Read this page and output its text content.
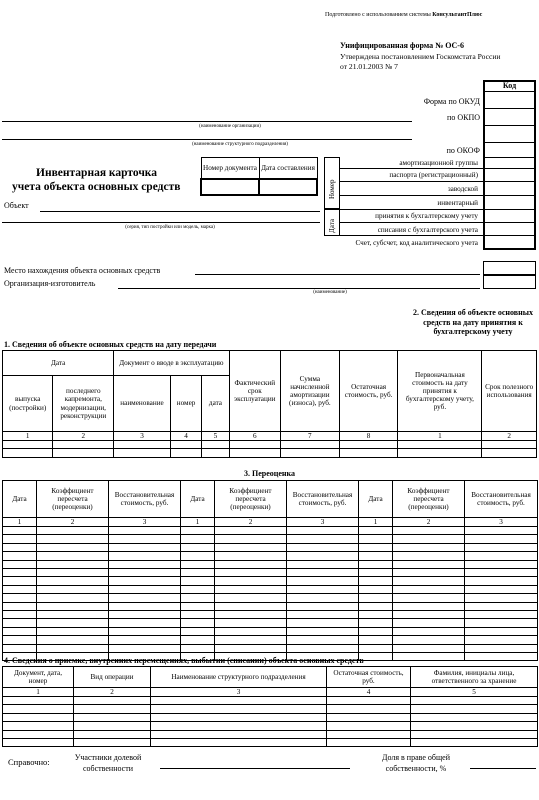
Подготовлено с использованием системы КонсультантПлюс
Унифицированная форма № ОС-6
Утверждена постановлением Госкомстата России
от 21.01.2003 № 7
Код
Форма по ОКУД
по ОКПО
по ОКОФ
(наименование организации)
(наименование структурного подразделения)
Инвентарная карточка
учета объекта основных средств
Номер документа	Дата составления

Номер
Дата
амортизационной группы
паспорта (регистрационный)
заводской
инвентарный
принятия к бухгалтерскому учету
списания с бухгалтерского учета
Счет, субсчет, код аналитического учета
Объект
(серия, тип постройки или модель, марка)
Место нахождения объекта основных средств
Организация-изготовитель
(наименование)
2. Сведения об объекте основных средств на дату принятия к бухгалтерскому учету
1. Сведения об объекте основных средств на дату передачи
Дата		Документ о вводе в эксплуатацию			Фактический срок эксплуатации	Сумма начисленной амортизации (износа), руб.	Остаточная стоимость, руб.	Первоначальная стоимость на дату принятия к бухгалтерскому учету, руб.	Срок полезного использования
выпуска (постройки)	последнего капремонта, модернизации, реконструкции	наименование	номер	дата					
1	2	3	4	5	6	7	8	1	2

3. Переоценка
Дата	Коэффициент пересчета (переоценки)	Восстановительная стоимость, руб.	Дата	Коэффициент пересчета (переоценки)	Восстановительная стоимость, руб.	Дата	Коэффициент пересчета (переоценки)	Восстановительная стоимость, руб.
1	2	3	1	2	3	1	2	3

4. Сведения о приемке, внутренних перемещениях, выбытии (списании) объекта основных средств
Документ, дата, номер	Вид операции	Наименование структурного подразделения	Остаточная стоимость, руб.	Фамилия, инициалы лица, ответственного за хранение
1	2	3	4	5

Справочно:	Участники долевой собственности
Доля в праве общей собственности, %
